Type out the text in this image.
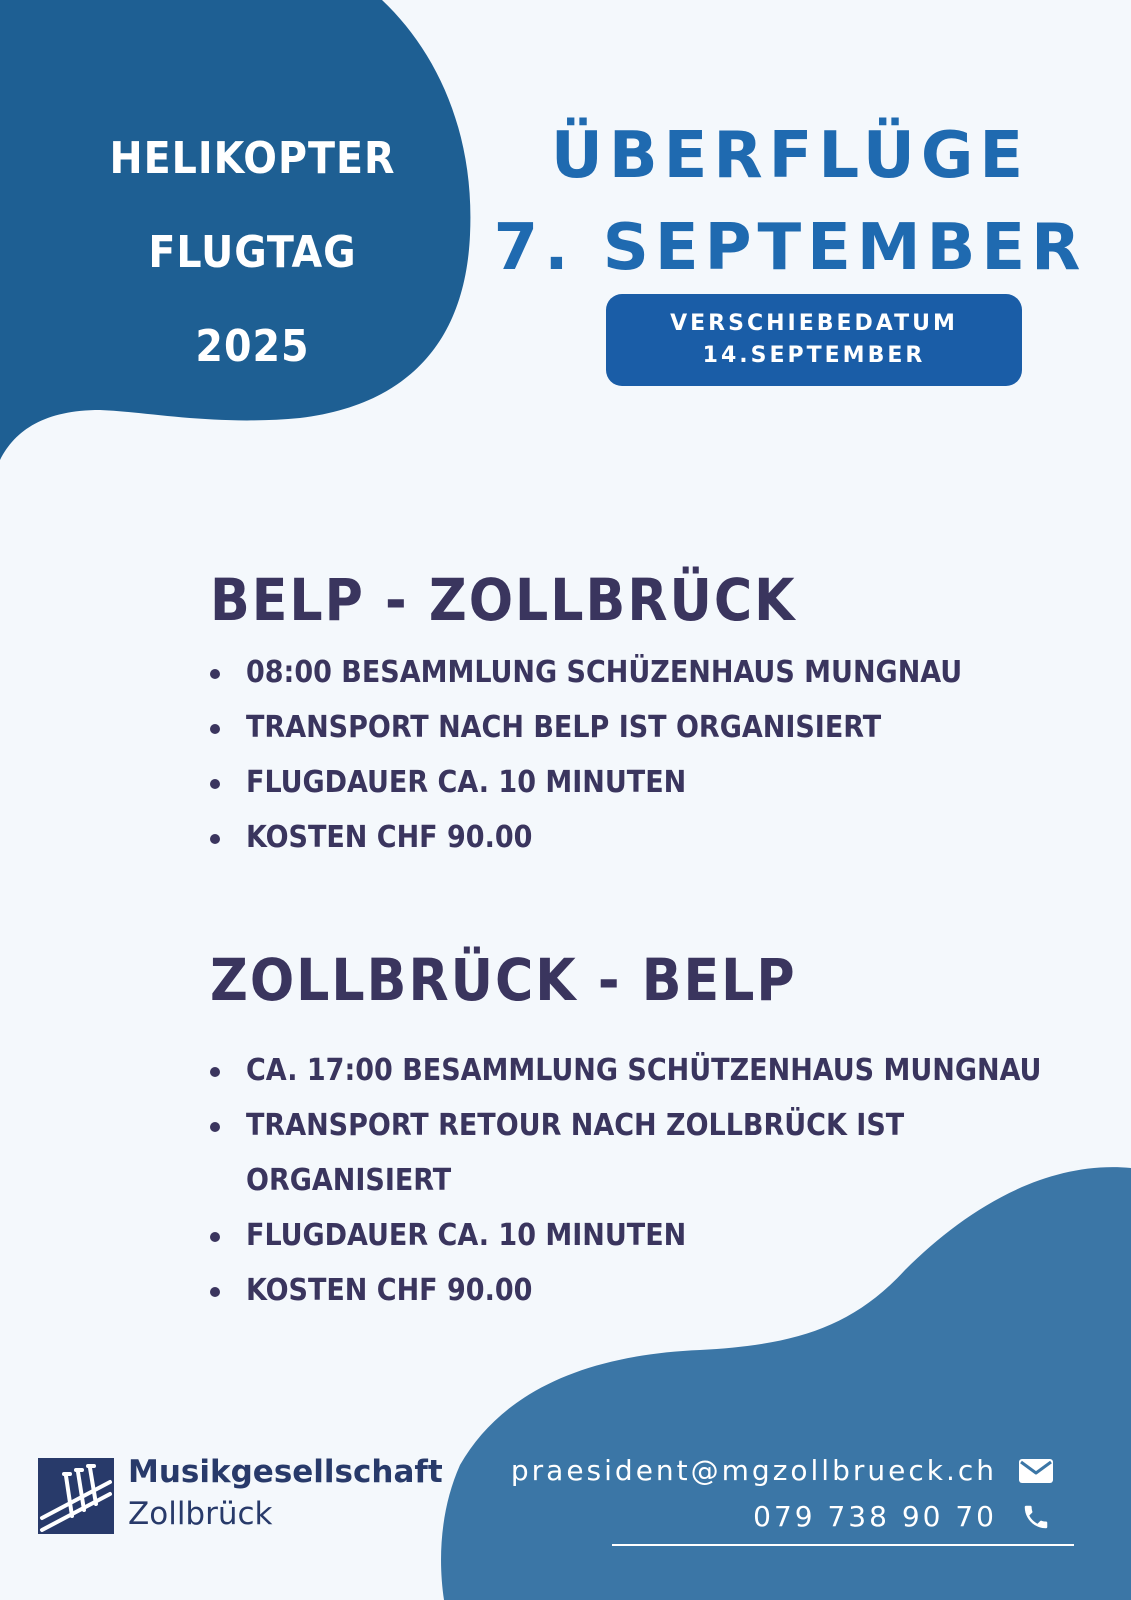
HELIKOPTER
FLUGTAG
2025
ÜBERFLÜGE
7. SEPTEMBER
VERSCHIEBEDATUM
14.SEPTEMBER
BELP - ZOLLBRÜCK
08:00 BESAMMLUNG SCHÜZENHAUS MUNGNAU
TRANSPORT NACH BELP IST ORGANISIERT
FLUGDAUER CA. 10 MINUTEN
KOSTEN CHF 90.00
ZOLLBRÜCK - BELP
CA. 17:00 BESAMMLUNG SCHÜTZENHAUS MUNGNAU
TRANSPORT RETOUR NACH ZOLLBRÜCK IST ORGANISIERT
FLUGDAUER CA. 10 MINUTEN
KOSTEN CHF 90.00
Musikgesellschaft
Zollbrück
praesident@mgzollbrueck.ch
079 738 90 70
